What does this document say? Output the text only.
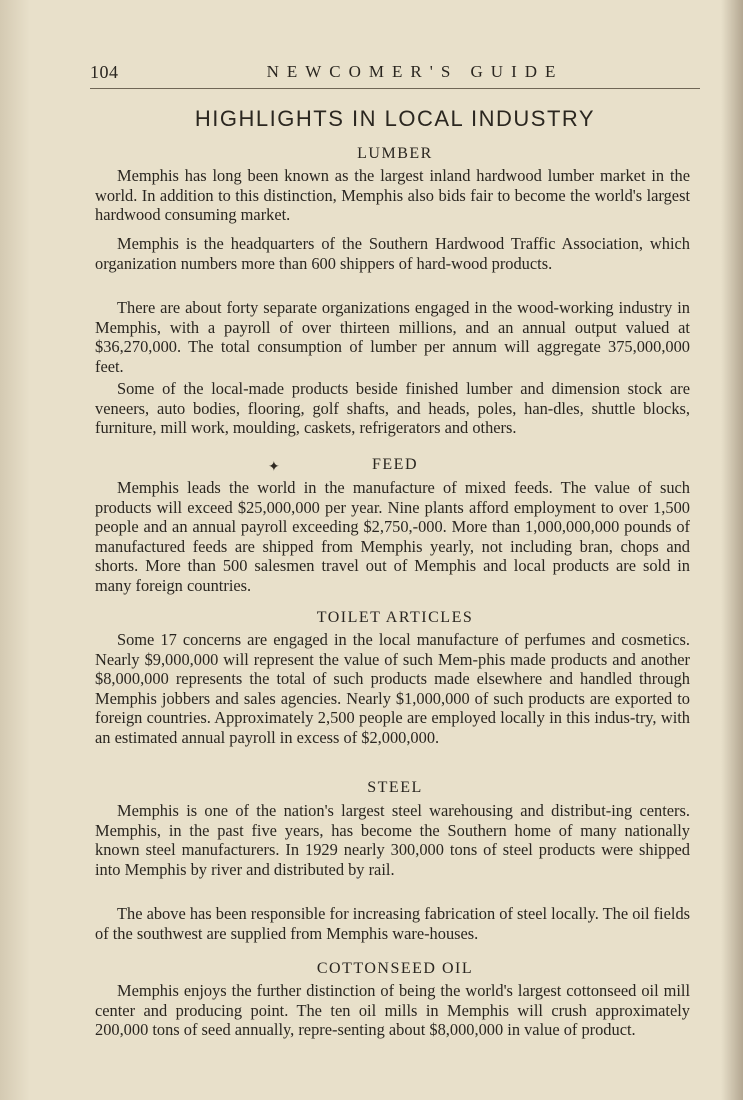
104	NEWCOMER'S GUIDE
HIGHLIGHTS IN LOCAL INDUSTRY
LUMBER

Memphis has long been known as the largest inland hardwood lumber market in the world. In addition to this distinction, Memphis also bids fair to become the world's largest hardwood consuming market.

Memphis is the headquarters of the Southern Hardwood Traffic Association, which organization numbers more than 600 shippers of hard-wood products.

There are about forty separate organizations engaged in the wood-working industry in Memphis, with a payroll of over thirteen millions, and an annual output valued at $36,270,000. The total consumption of lumber per annum will aggregate 375,000,000 feet.

Some of the local-made products beside finished lumber and dimension stock are veneers, auto bodies, flooring, golf shafts, and heads, poles, han-dles, shuttle blocks, furniture, mill work, moulding, caskets, refrigerators and others.

✦	FEED

Memphis leads the world in the manufacture of mixed feeds. The value of such products will exceed $25,000,000 per year. Nine plants afford employment to over 1,500 people and an annual payroll exceeding $2,750,-000. More than 1,000,000,000 pounds of manufactured feeds are shipped from Memphis yearly, not including bran, chops and shorts. More than 500 salesmen travel out of Memphis and local products are sold in many foreign countries.

TOILET ARTICLES

Some 17 concerns are engaged in the local manufacture of perfumes and cosmetics. Nearly $9,000,000 will represent the value of such Mem-phis made products and another $8,000,000 represents the total of such products made elsewhere and handled through Memphis jobbers and sales agencies. Nearly $1,000,000 of such products are exported to foreign countries. Approximately 2,500 people are employed locally in this indus-try, with an estimated annual payroll in excess of $2,000,000.

STEEL

Memphis is one of the nation's largest steel warehousing and distribut-ing centers. Memphis, in the past five years, has become the Southern home of many nationally known steel manufacturers. In 1929 nearly 300,000 tons of steel products were shipped into Memphis by river and distributed by rail.

The above has been responsible for increasing fabrication of steel locally. The oil fields of the southwest are supplied from Memphis ware-houses.

COTTONSEED OIL

Memphis enjoys the further distinction of being the world's largest cottonseed oil mill center and producing point. The ten oil mills in Memphis will crush approximately 200,000 tons of seed annually, repre-senting about $8,000,000 in value of product.
